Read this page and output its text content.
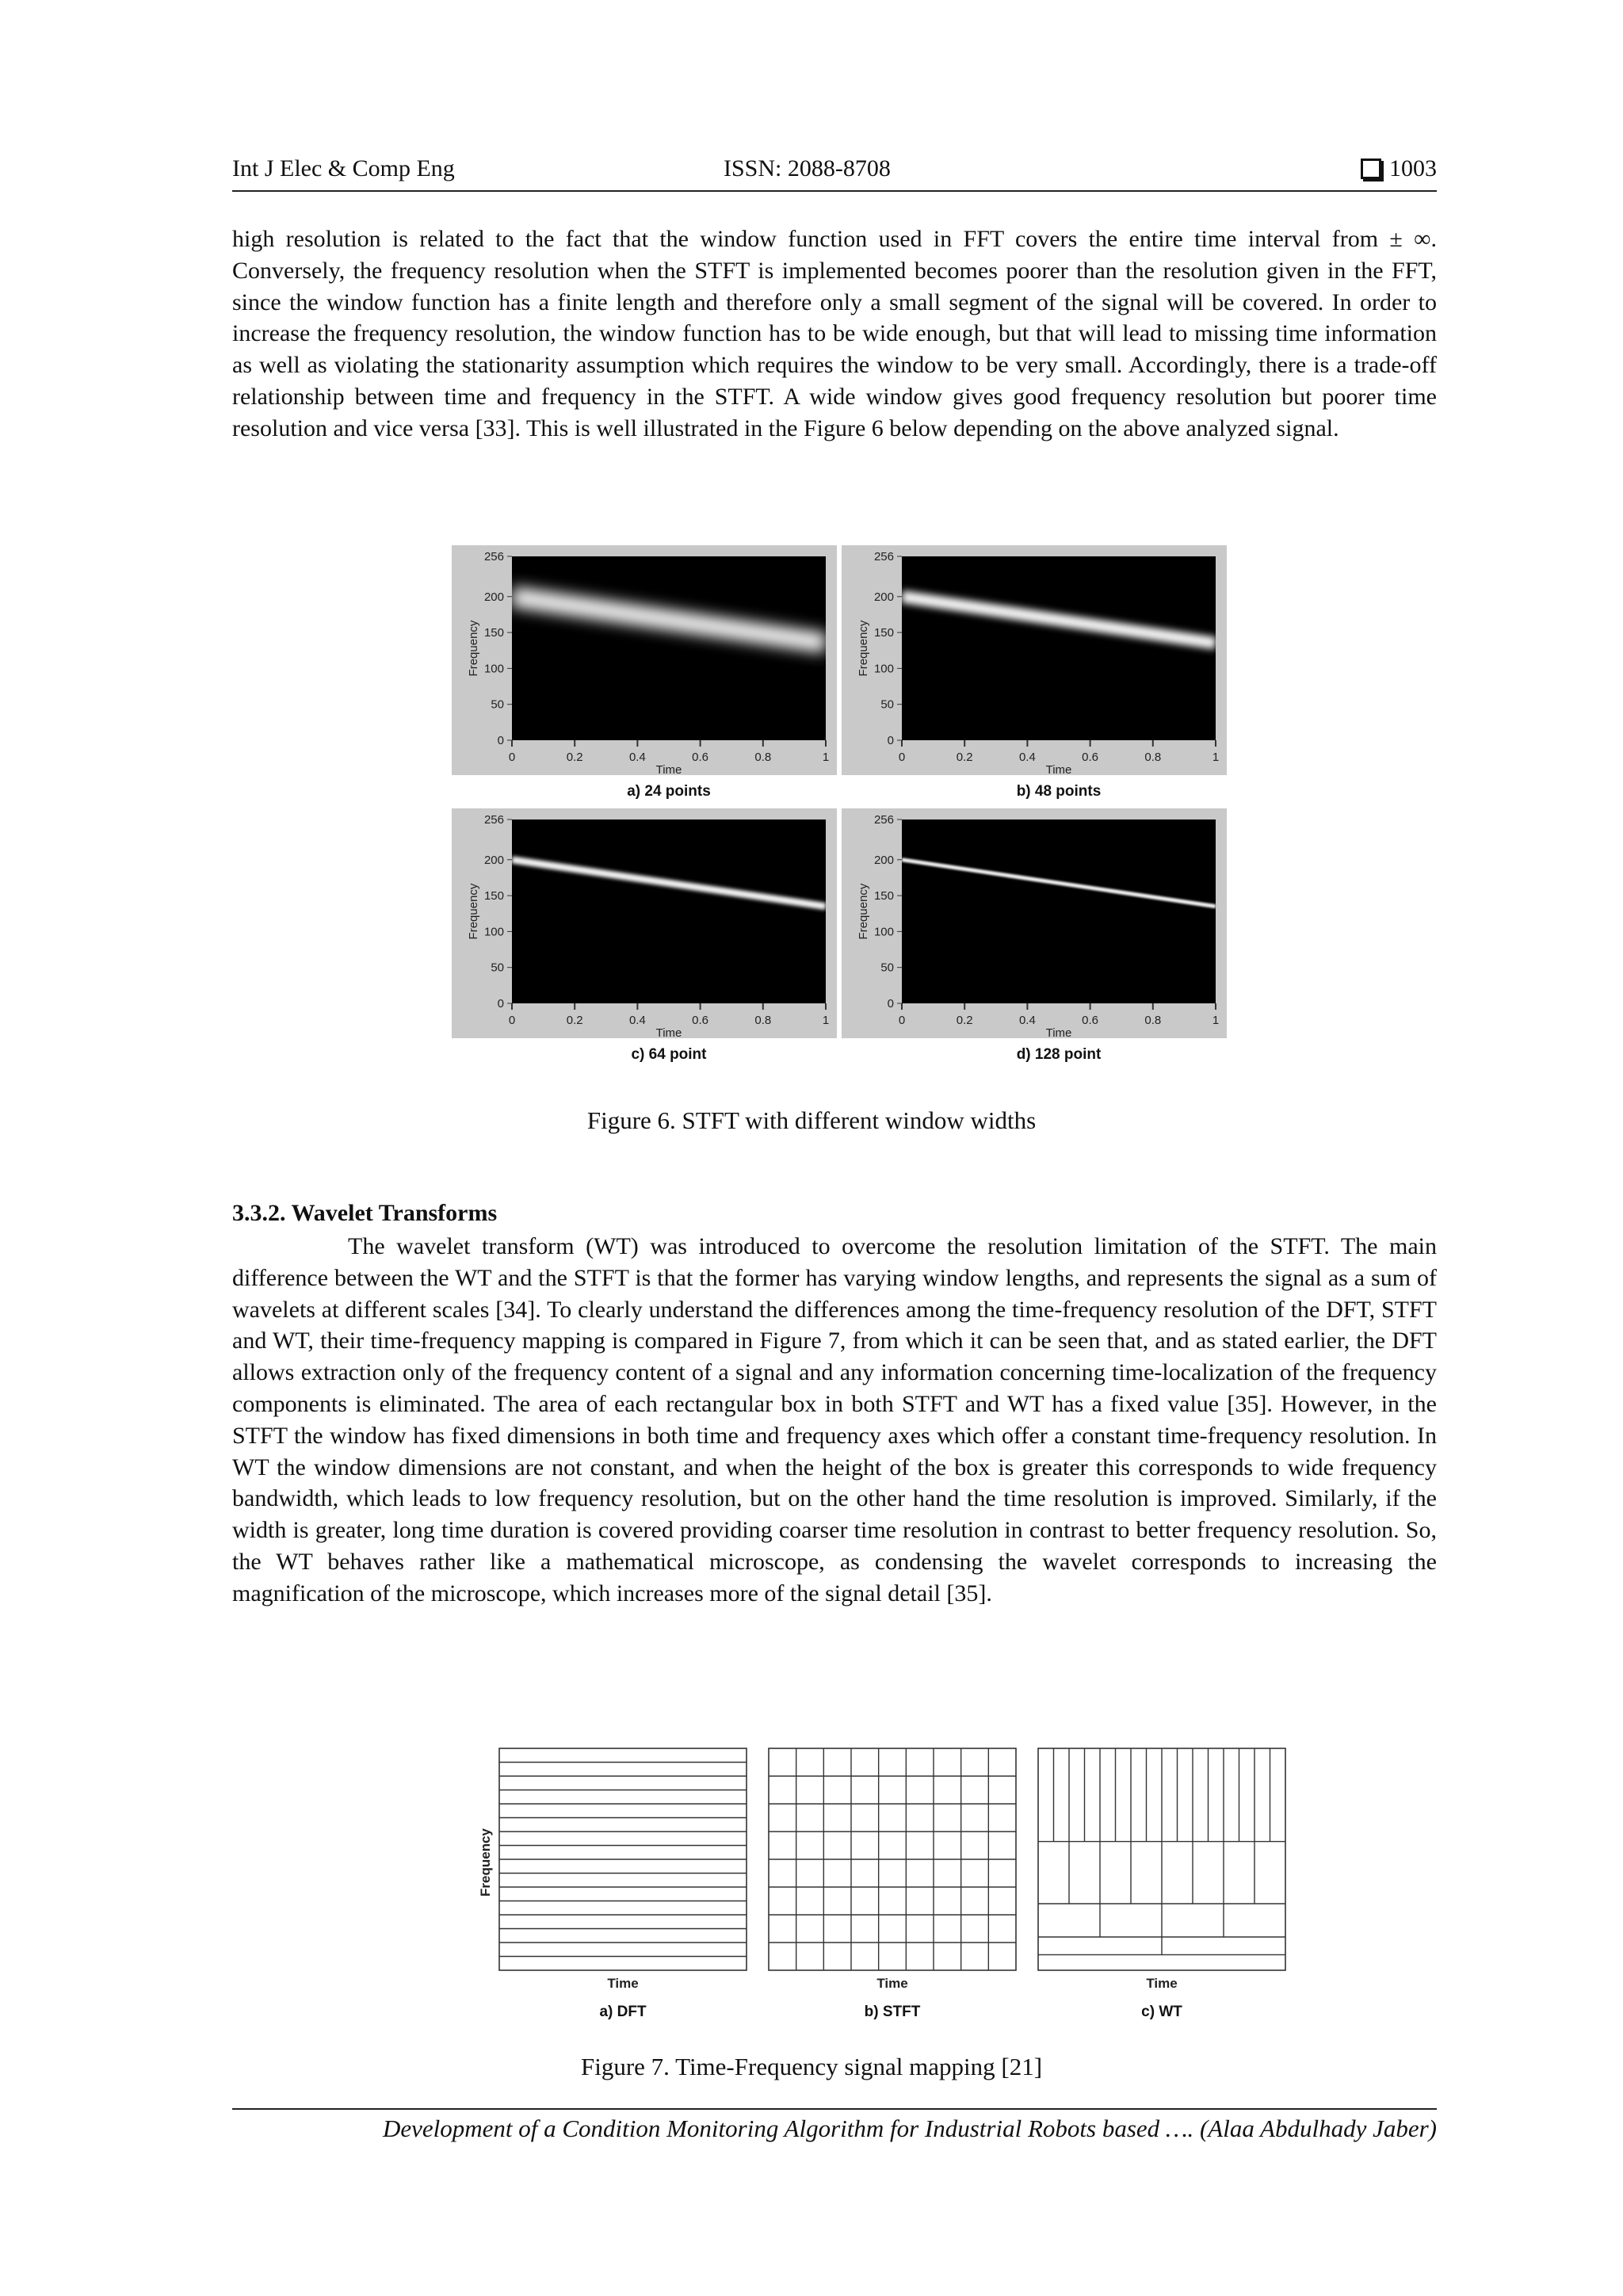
Int J Elec & Comp Eng	ISSN: 2088-8708	1003

high resolution is related to the fact that the window function used in FFT covers the entire time interval from ± ∞. Conversely, the frequency resolution when the STFT is implemented becomes poorer than the resolution given in the FFT, since the window function has a finite length and therefore only a small segment of the signal will be covered. In order to increase the frequency resolution, the window function has to be wide enough, but that will lead to missing time information as well as violating the stationarity assumption which requires the window to be very small. Accordingly, there is a trade-off relationship between time and frequency in the STFT. A wide window gives good frequency resolution but poorer time resolution and vice versa [33]. This is well illustrated in the Figure 6 below depending on the above analyzed signal.

256
200
150
100
50
0
0	0.2	0.4	0.6	0.8	1
Time
Frequency
a) 24 points
256
200
150
100
50
0
0	0.2	0.4	0.6	0.8	1
Time
Frequency
b) 48 points
256
200
150
100
50
0
0	0.2	0.4	0.6	0.8	1
Time
Frequency
c) 64 point
256
200
150
100
50
0
0	0.2	0.4	0.6	0.8	1
Time
Frequency
d) 128 point
Figure 6. STFT with different window widths
3.3.2. Wavelet Transforms

The wavelet transform (WT) was introduced to overcome the resolution limitation of the STFT. The main difference between the WT and the STFT is that the former has varying window lengths, and represents the signal as a sum of wavelets at different scales [34]. To clearly understand the differences among the time-frequency resolution of the DFT, STFT and WT, their time-frequency mapping is compared in Figure 7, from which it can be seen that, and as stated earlier, the DFT allows extraction only of the frequency content of a signal and any information concerning time-localization of the frequency components is eliminated. The area of each rectangular box in both STFT and WT has a fixed value [35]. However, in the STFT the window has fixed dimensions in both time and frequency axes which offer a constant time-frequency resolution. In WT the window dimensions are not constant, and when the height of the box is greater this corresponds to wide frequency bandwidth, which leads to low frequency resolution, but on the other hand the time resolution is improved. Similarly, if the width is greater, long time duration is covered providing coarser time resolution in contrast to better frequency resolution. So, the WT behaves rather like a mathematical microscope, as condensing the wavelet corresponds to increasing the magnification of the microscope, which increases more of the signal detail [35].

Time
a) DFT
Time
b) STFT
Time
c) WT
Frequency
Figure 7. Time-Frequency signal mapping [21]
Development of a Condition Monitoring Algorithm for Industrial Robots based …. (Alaa Abdulhady Jaber)
